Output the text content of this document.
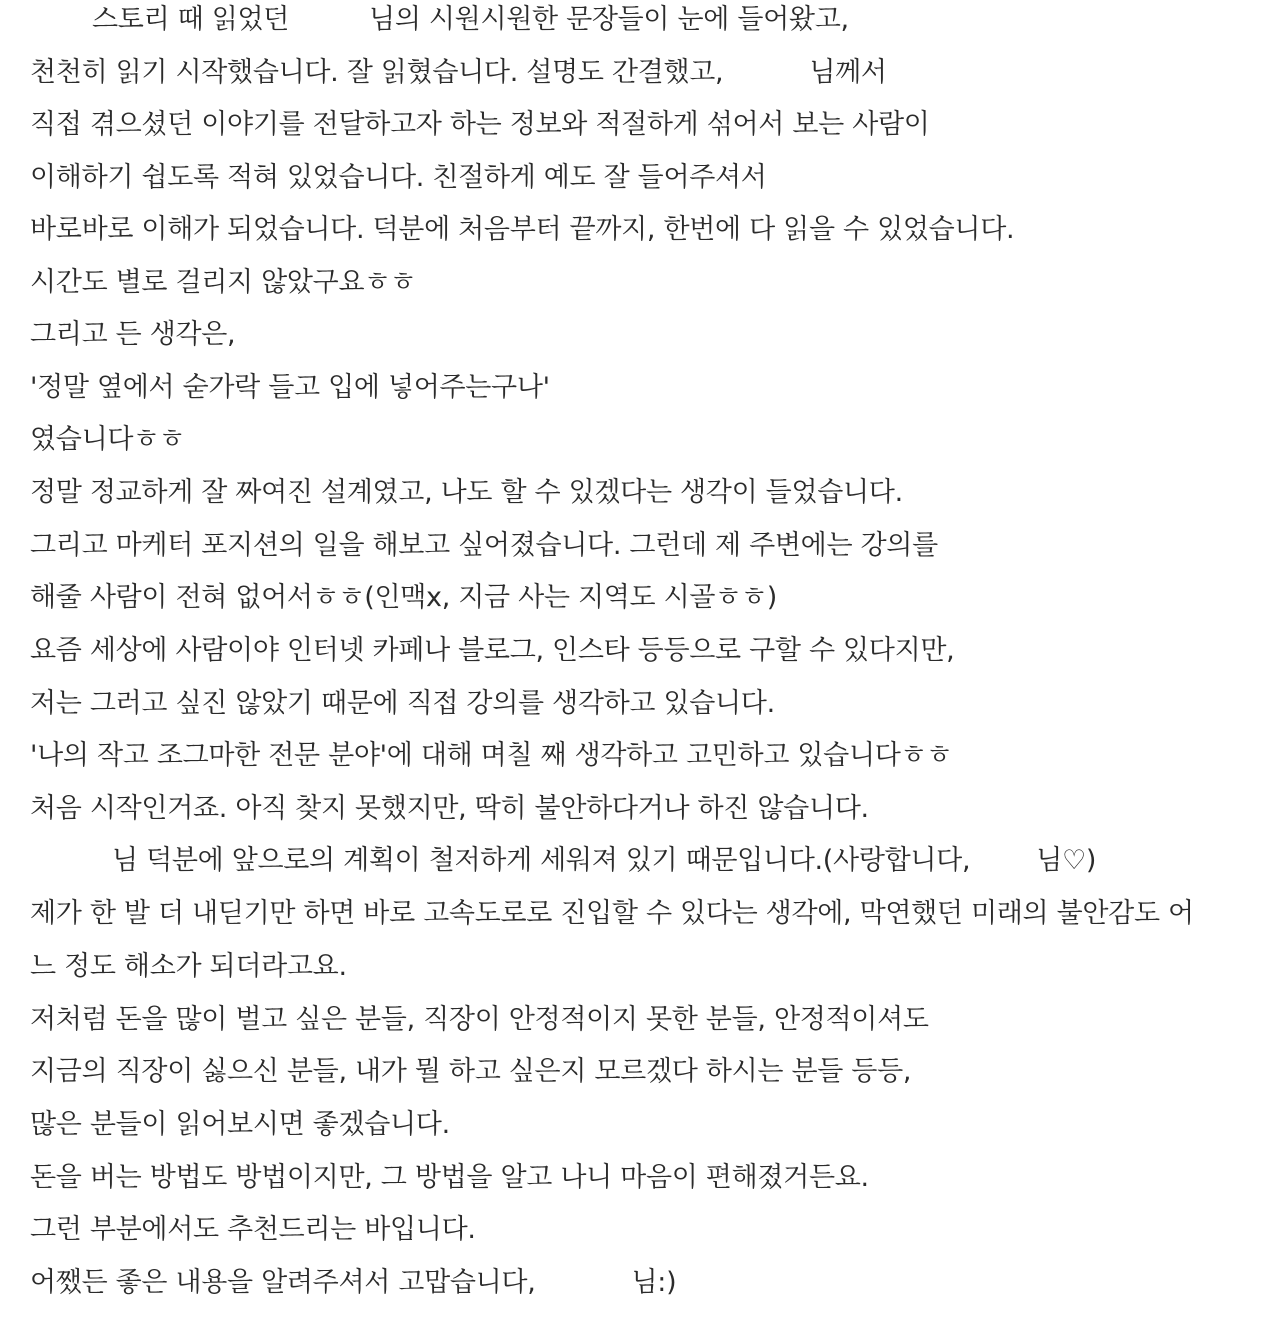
스토리 때 읽었던	님의 시원시원한 문장들이 눈에 들어왔고,
천천히 읽기 시작했습니다. 잘 읽혔습니다. 설명도 간결했고,	님께서
직접 겪으셨던 이야기를 전달하고자 하는 정보와 적절하게 섞어서 보는 사람이
이해하기 쉽도록 적혀 있었습니다. 친절하게 예도 잘 들어주셔서
바로바로 이해가 되었습니다. 덕분에 처음부터 끝까지, 한번에 다 읽을 수 있었습니다.
시간도 별로 걸리지 않았구요ㅎㅎ
그리고 든 생각은,
'정말 옆에서 숟가락 들고 입에 넣어주는구나'
였습니다ㅎㅎ
정말 정교하게 잘 짜여진 설계였고, 나도 할 수 있겠다는 생각이 들었습니다.
그리고 마케터 포지션의 일을 해보고 싶어졌습니다. 그런데 제 주변에는 강의를
해줄 사람이 전혀 없어서ㅎㅎ(인맥x, 지금 사는 지역도 시골ㅎㅎ)
요즘 세상에 사람이야 인터넷 카페나 블로그, 인스타 등등으로 구할 수 있다지만,
저는 그러고 싶진 않았기 때문에 직접 강의를 생각하고 있습니다.
'나의 작고 조그마한 전문 분야'에 대해 며칠 째 생각하고 고민하고 있습니다ㅎㅎ
처음 시작인거죠. 아직 찾지 못했지만, 딱히 불안하다거나 하진 않습니다.
님 덕분에 앞으로의 계획이 철저하게 세워져 있기 때문입니다.(사랑합니다, 님♡)
제가 한 발 더 내딛기만 하면 바로 고속도로로 진입할 수 있다는 생각에, 막연했던 미래의 불안감도 어
느 정도 해소가 되더라고요.
저처럼 돈을 많이 벌고 싶은 분들, 직장이 안정적이지 못한 분들, 안정적이셔도
지금의 직장이 싫으신 분들, 내가 뭘 하고 싶은지 모르겠다 하시는 분들 등등,
많은 분들이 읽어보시면 좋겠습니다.
돈을 버는 방법도 방법이지만, 그 방법을 알고 나니 마음이 편해졌거든요.
그런 부분에서도 추천드리는 바입니다.
어쨌든 좋은 내용을 알려주셔서 고맙습니다,	님:)
